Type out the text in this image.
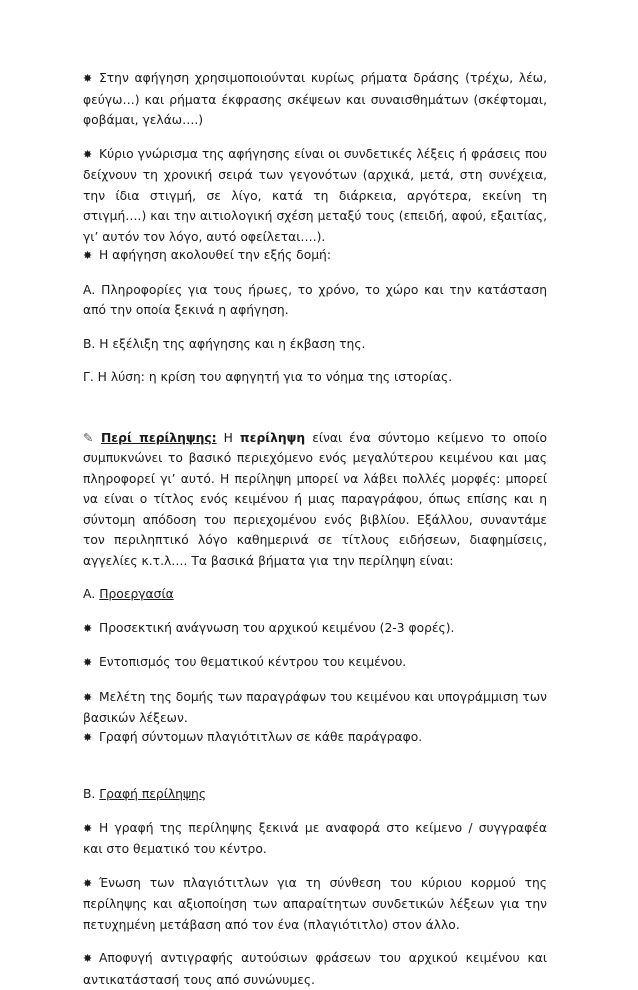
✸ Στην αφήγηση χρησιμοποιούνται κυρίως ρήματα δράσης (τρέχω, λέω, φεύγω…) και ρήματα έκφρασης σκέψεων και συναισθημάτων (σκέφτομαι, φοβάμαι, γελάω….)

✸ Κύριο γνώρισμα της αφήγησης είναι οι συνδετικές λέξεις ή φράσεις που δείχνουν τη χρονική σειρά των γεγονότων (αρχικά, μετά, στη συνέχεια, την ίδια στιγμή, σε λίγο, κατά τη διάρκεια, αργότερα, εκείνη τη στιγμή….) και την αιτιολογική σχέση μεταξύ τους (επειδή, αφού, εξαιτίας, γι’ αυτόν τον λόγο, αυτό οφείλεται….).

✸ Η αφήγηση ακολουθεί την εξής δομή:

Α. Πληροφορίες για τους ήρωες, το χρόνο, το χώρο και την κατάσταση από την οποία ξεκινά η αφήγηση.

Β. Η εξέλιξη της αφήγησης και η έκβαση της.

Γ. Η λύση: η κρίση του αφηγητή για το νόημα της ιστορίας.

✎ Περί περίληψης: Η περίληψη είναι ένα σύντομο κείμενο το οποίο συμπυκνώνει το βασικό περιεχόμενο ενός μεγαλύτερου κειμένου και μας πληροφορεί γι’ αυτό. Η περίληψη μπορεί να λάβει πολλές μορφές: μπορεί να είναι ο τίτλος ενός κειμένου ή μιας παραγράφου, όπως επίσης και η σύντομη απόδοση του περιεχομένου ενός βιβλίου. Εξάλλου, συναντάμε τον περιληπτικό λόγο καθημερινά σε τίτλους ειδήσεων, διαφημίσεις, αγγελίες κ.τ.λ…. Τα βασικά βήματα για την περίληψη είναι:

Α. Προεργασία

✸ Προσεκτική ανάγνωση του αρχικού κειμένου (2-3 φορές).

✸ Εντοπισμός του θεματικού κέντρου του κειμένου.

✸ Μελέτη της δομής των παραγράφων του κειμένου και υπογράμμιση των βασικών λέξεων.

✸ Γραφή σύντομων πλαγιότιτλων σε κάθε παράγραφο.

Β. Γραφή περίληψης

✸ Η γραφή της περίληψης ξεκινά με αναφορά στο κείμενο / συγγραφέα και στο θεματικό του κέντρο.

✸ Ένωση των πλαγιότιτλων για τη σύνθεση του κύριου κορμού της περίληψης και αξιοποίηση των απαραίτητων συνδετικών λέξεων για την πετυχημένη μετάβαση από τον ένα (πλαγιότιτλο) στον άλλο.

✸ Αποφυγή αντιγραφής αυτούσιων φράσεων του αρχικού κειμένου και αντικατάστασή τους από συνώνυμες.
